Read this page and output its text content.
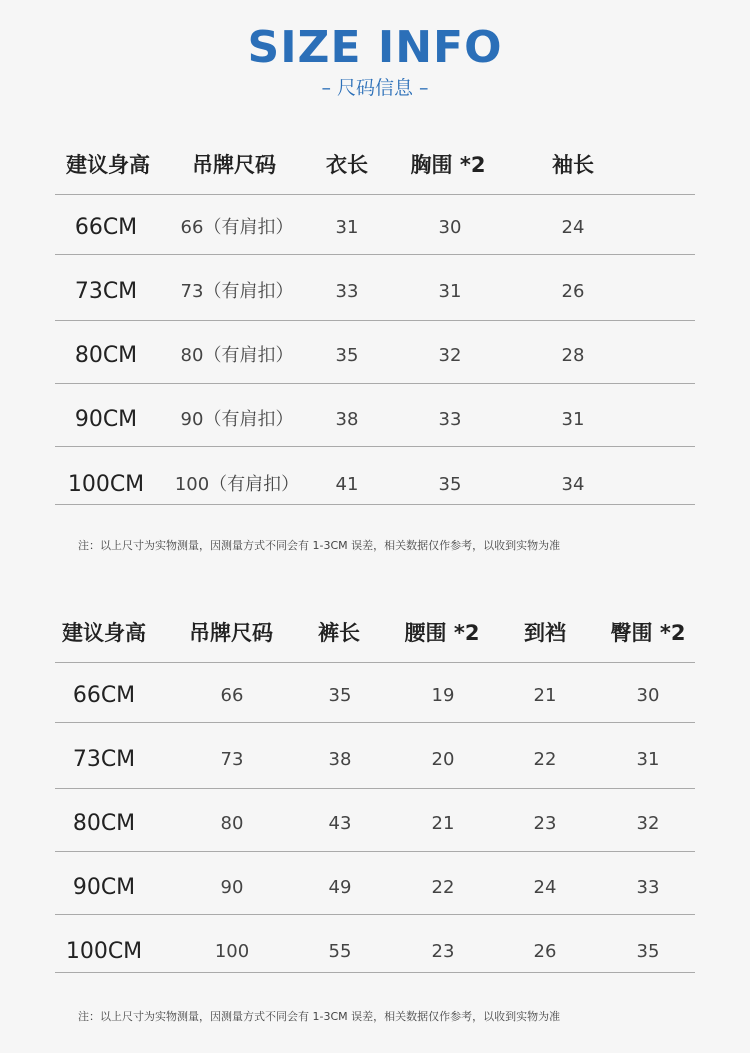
SIZE INFO
– 尺码信息 –
建议身高 吊牌尺码 衣长 胸围 *2	袖长
66CM 66（有肩扣） 31	30	24
73CM 73（有肩扣） 33	31	26
80CM 80（有肩扣） 35	32	28
90CM 90（有肩扣） 38	33	31
100CM 100（有肩扣） 41	35	34
注：以上尺寸为实物测量，因测量方式不同会有 1-3CM 误差，相关数据仅作参考，以收到实物为准
建议身高 吊牌尺码 裤长 腰围 *2 到裆 臀围 *2
66CM	66	35	19	21	30
73CM	73	38	20	22	31
80CM	80	43	21	23	32
90CM	90	49	22	24	33
100CM	100	55	23	26	35
注：以上尺寸为实物测量，因测量方式不同会有 1-3CM 误差，相关数据仅作参考，以收到实物为准
